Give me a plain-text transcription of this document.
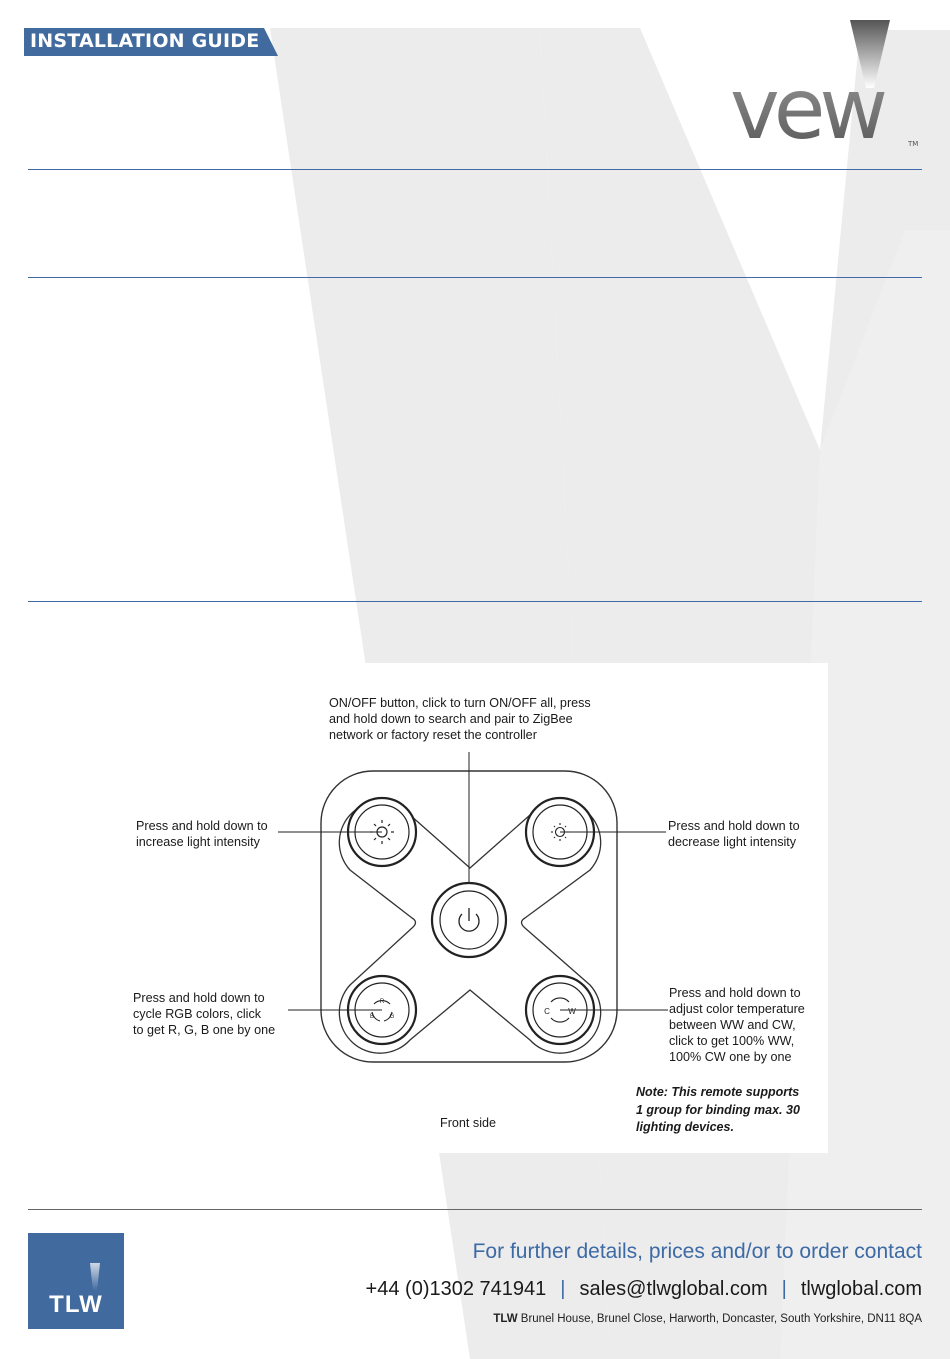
INSTALLATION GUIDE
vew	TM
R
B	G
C W
ON/OFF button, click to turn ON/OFF all, press
and hold down to search and pair to ZigBee
network or factory reset the controller
Press and hold down to
increase light intensity
Press and hold down to
decrease light intensity
Press and hold down to
cycle RGB colors, click
to get R, G, B one by one
Press and hold down to
adjust color temperature
between WW and CW,
click to get 100% WW,
100% CW one by one
Note: This remote supports
1 group for binding max. 30
lighting devices.
Front side
TLW
For further details, prices and/or to order contact
+44 (0)1302 741941 | sales@tlwglobal.com | tlwglobal.com
TLW Brunel House, Brunel Close, Harworth, Doncaster, South Yorkshire, DN11 8QA
